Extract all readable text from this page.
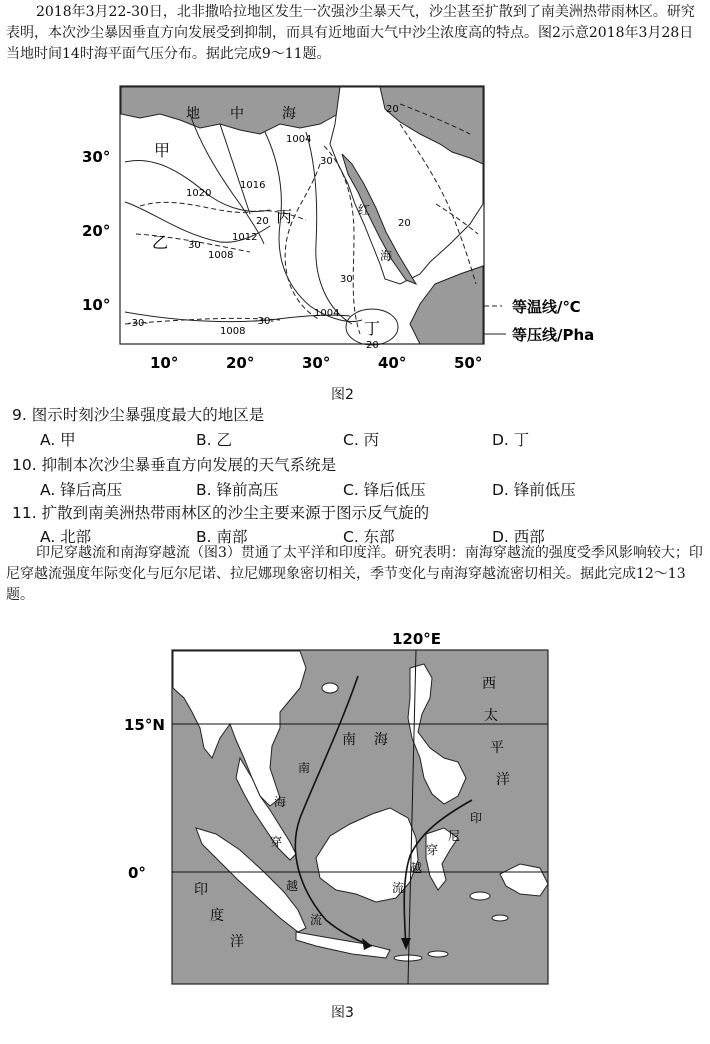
2018年3月22-30日，北非撒哈拉地区发生一次强沙尘暴天气，沙尘甚至扩散到了南美洲热带雨林区。研究表明，本次沙尘暴因垂直方向发展受到抑制，而具有近地面大气中沙尘浓度高的特点。图2示意2018年3月28日当地时间14时海平面气压分布。据此完成9～11题。

30°
20°
10°
10°	20°	30°	40°	50°
甲
乙
丙
丁
地 中	海
红
海
1020
1016
1012
1008
1004
1004
1008
20
20
30
30
20
30
-30-	-30-
20
等温线/℃
等压线/Pha
图2
9. 图示时刻沙尘暴强度最大的地区是
A. 甲	B. 乙	C. 丙	D. 丁
10. 抑制本次沙尘暴垂直方向发展的天气系统是
A. 锋后高压	B. 锋前高压	C. 锋后低压	D. 锋前低压
11. 扩散到南美洲热带雨林区的沙尘主要来源于图示反气旋的
A. 北部	B. 南部	C. 东部	D. 西部

印尼穿越流和南海穿越流（图3）贯通了太平洋和印度洋。研究表明：南海穿越流的强度受季风影响较大；印尼穿越流强度年际变化与厄尔尼诺、拉尼娜现象密切相关，季节变化与南海穿越流密切相关。据此完成12～13题。

120°E
15°N
0°
西
太
平
洋
印
度
洋
南 海
南
海
穿
越
流
印
尼
穿
越
流
图3
